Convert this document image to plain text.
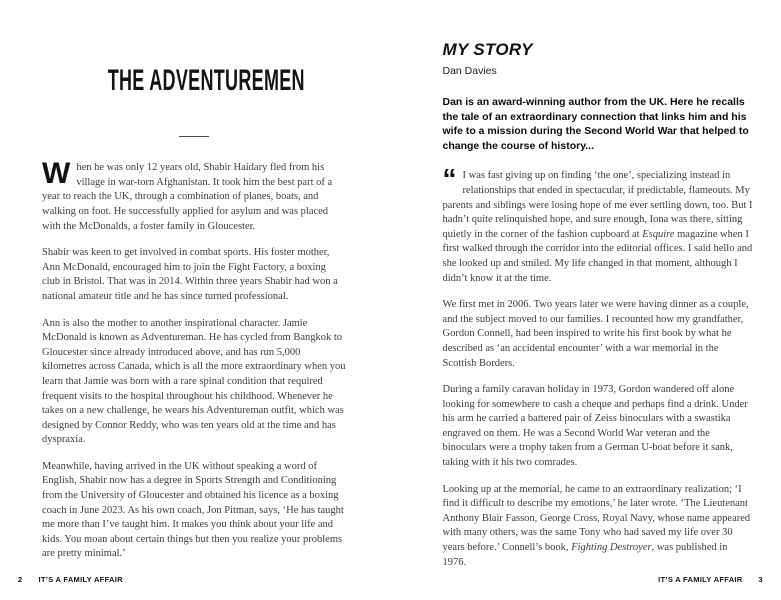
THE ADVENTUREMEN

When he was only 12 years old, Shabir Haidary fled from his village in war-torn Afghanistan. It took him the best part of a year to reach the UK, through a combination of planes, boats, and walking on foot. He successfully applied for asylum and was placed with the McDonalds, a foster family in Gloucester.

Shabir was keen to get involved in combat sports. His foster mother, Ann McDonald, encouraged him to join the Fight Factory, a boxing club in Bristol. That was in 2014. Within three years Shabir had won a national amateur title and he has since turned professional.

Ann is also the mother to another inspirational character. Jamie McDonald is known as Adventureman. He has cycled from Bangkok to Gloucester since already introduced above, and has run 5,000 kilometres across Canada, which is all the more extraordinary when you learn that Jamie was born with a rare spinal condition that required frequent visits to the hospital throughout his childhood. Whenever he takes on a new challenge, he wears his Adventureman outfit, which was designed by Connor Reddy, who was ten years old at the time and has dyspraxia.

Meanwhile, having arrived in the UK without speaking a word of English, Shabir now has a degree in Sports Strength and Conditioning from the University of Gloucester and obtained his licence as a boxing coach in June 2023. As his own coach, Jon Pitman, says, ‘He has taught me more than I’ve taught him. It makes you think about your life and kids. You moan about certain things but then you realize your problems are pretty minimal.’

2 IT’S A FAMILY AFFAIR
MY STORY
Dan Davies

Dan is an award-winning author from the UK. Here he recalls the tale of an extraordinary connection that links him and his wife to a mission during the Second World War that helped to change the course of history...

“ I was fast giving up on finding ‘the one’, specializing instead in relationships that ended in spectacular, if predictable, flameouts. My parents and siblings were losing hope of me ever settling down, too. But I hadn’t quite relinquished hope, and sure enough, Iona was there, sitting quietly in the corner of the fashion cupboard at Esquire magazine when I first walked through the corridor into the editorial offices. I said hello and she looked up and smiled. My life changed in that moment, although I didn’t know it at the time.

We first met in 2006. Two years later we were having dinner as a couple, and the subject moved to our families. I recounted how my grandfather, Gordon Connell, had been inspired to write his first book by what he described as ‘an accidental encounter’ with a war memorial in the Scottish Borders.

During a family caravan holiday in 1973, Gordon wandered off alone looking for somewhere to cash a cheque and perhaps find a drink. Under his arm he carried a battered pair of Zeiss binoculars with a swastika engraved on them. He was a Second World War veteran and the binoculars were a trophy taken from a German U-boat before it sank, taking with it his two comrades.

Looking up at the memorial, he came to an extraordinary realization; ‘I find it difficult to describe my emotions,’ he later wrote. ‘The Lieutenant Anthony Blair Fasson, George Cross, Royal Navy, whose name appeared with many others, was the same Tony who had saved my life over 30 years before.’ Connell’s book, Fighting Destroyer, was published in 1976.

IT’S A FAMILY AFFAIR 3
